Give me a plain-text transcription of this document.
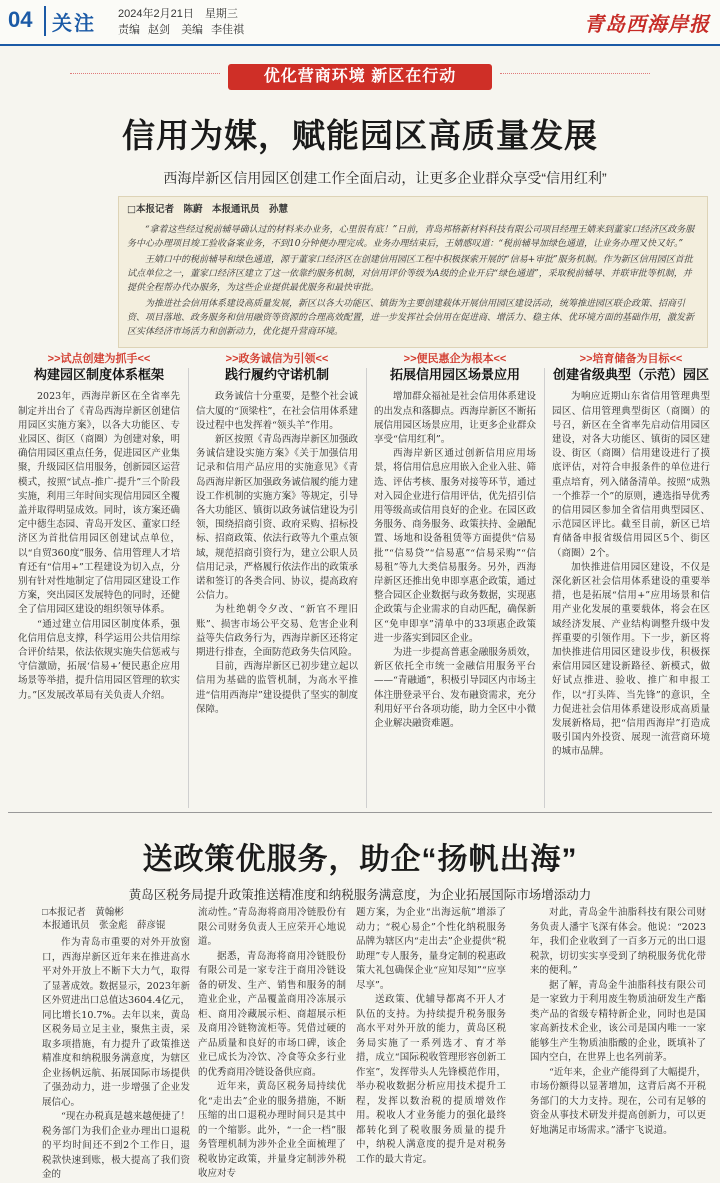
04 关注 2024年2月21日 星期三
责编 赵剑 美编 李佳祺	青岛西海岸报
优化营商环境 新区在行动
信用为媒，赋能园区高质量发展
西海岸新区信用园区创建工作全面启动，让更多企业群众享受“信用红利”

□本报记者　陈蔚　本报通讯员　孙慧

“拿着这些经过税前辅导确认过的材料来办业务，心里很有底！”日前，青岛邦格新材料科技有限公司项目经理王婧来到董家口经济区政务服务中心办理项目竣工验收备案业务，不到10分钟便办理完成。业务办理结束后，王婧感叹道：“税前辅导加绿色通道，让业务办理又快又好。”

王婧口中的税前辅导和绿色通道，源于董家口经济区在创建信用园区工程中积极探索开展的“信易+审批”服务机制。作为新区信用园区首批试点单位之一，董家口经济区建立了这一依靠约服务机制，对信用评价等级为A级的企业开启“绿色通道”，采取税前辅导、并联审批等机制，并提供全程帮办代办服务，为这些企业提供最优服务和最快审批。

为推进社会信用体系建设高质量发展，新区以各大功能区、镇街为主要创建载体开展信用园区建设活动，统筹推进园区联企政策、招商引资、项目落地、政务服务和信用融资等资源的合理高效配置，进一步发挥社会信用在促进商、增活力、稳主体、优环境方面的基础作用，激发新区实体经济市场活力和创新动力，优化提升营商环境。

>>试点创建为抓手<<
构建园区制度体系框架

2023年，西海岸新区在全省率先制定并出台了《青岛西海岸新区创建信用园区实施方案》，以各大功能区、专业园区、街区（商圈）为创建对象，明确信用园区重点任务，促进园区产业集聚，升级园区信用服务，创新园区运营模式，按照“试点-推广-提升”三个阶段实施，利用三年时间实现信用园区全覆盖并取得明显成效。同时，该方案还确定中德生态园、青岛开发区、董家口经济区为首批信用园区创建试点单位，以“自贸360度”服务、信用管理人才培育还有“信用+”工程建设为切入点，分别有针对性地制定了信用园区建设工作方案，突出园区发展特色的同时，还健全了信用园区建设的组织领导体系。

“通过建立信用园区制度体系，强化信用信息支撑，科学运用公共信用综合评价结果，依法依规实施失信惩戒与守信激励，拓展‘信易+’便民惠企应用场景等举措，提升信用园区管理的软实力。”区发展改革局有关负责人介绍。

>>政务诚信为引领<<
践行履约守诺机制

政务诚信十分重要，是整个社会诚信大厦的“顶梁柱”，在社会信用体系建设过程中也发挥着“领头羊”作用。

新区按照《青岛西海岸新区加强政务诚信建设实施方案》《关于加强信用记录和信用产品应用的实施意见》《青岛西海岸新区加强政务诚信履约能力建设工作机制的实施方案》等规定，引导各大功能区、镇街以政务诚信建设为引领，围绕招商引资、政府采购、招标投标、招商政策、依法行政等九个重点领域，规范招商引资行为，建立公职人员信用记录，严格履行依法作出的政策承诺和签订的各类合同、协议，提高政府公信力。

为杜绝朝令夕改、“新官不理旧账”、损害市场公平交易、危害企业利益等失信政务行为，西海岸新区还将定期进行排查，全面防范政务失信风险。

目前，西海岸新区已初步建立起以信用为基础的监管机制，为高水平推进“信用西海岸”建设提供了坚实的制度保障。

>>便民惠企为根本<<
拓展信用园区场景应用

增加群众福祉是社会信用体系建设的出发点和落脚点。西海岸新区不断拓展信用园区场景应用，让更多企业群众享受“信用红利”。

西海岸新区通过创新信用应用场景，将信用信息应用嵌入企业入驻、筛选、评估考核、服务对接等环节，通过对入园企业进行信用评估，优先招引信用等级高或信用良好的企业。在园区政务服务、商务服务、政策扶持、金融配置、场地和设备租赁等方面提供“信易批”“信易贷”“信易惠”“信易采购”“信易租”等九大类信易服务。另外，西海岸新区还推出免申即享惠企政策，通过整合园区企业数据与政务数据，实现惠企政策与企业需求的自动匹配，确保新区“免申即享”清单中的33项惠企政策进一步落实到园区企业。

为进一步提高普惠金融服务质效，新区依托全市统一金融信用服务平台——“青融通”，积极引导园区内市场主体注册登录平台、发布融资需求，充分利用好平台各项功能，助力全区中小微企业解决融资难题。

>>培育储备为目标<<
创建省级典型（示范）园区

为响应近期山东省信用管理典型园区、信用管理典型街区（商圈）的号召，新区在全省率先启动信用园区建设，对各大功能区、镇街的园区建设、街区（商圈）信用建设进行了摸底评估，对符合申报条件的单位进行重点培育，列入储备清单。按照“成熟一个推荐一个”的原则，遴选指导优秀的信用园区参加全省信用典型园区、示范园区评比。截至目前，新区已培育储备申报省级信用园区5个、街区（商圈）2个。

加快推进信用园区建设，不仅是深化新区社会信用体系建设的重要举措，也是拓展“信用+”应用场景和信用产业化发展的重要载体，将会在区域经济发展、产业结构调整升级中发挥重要的引领作用。下一步，新区将加快推进信用园区建设步伐，积极探索信用园区建设新路径、新模式，做好试点推进、验收、推广和申报工作，以“打头阵、当先锋”的意识，全力促进社会信用体系建设形成高质量发展新格局，把“信用西海岸”打造成吸引国内外投资、展现一流营商环境的城市品牌。

送政策优服务，助企“扬帆出海”
黄岛区税务局提升政策推送精准度和纳税服务满意度，为企业拓展国际市场增添动力
□本报记者　黄翰彬
本报通讯员　张金彪　薛彦锟

作为青岛市重要的对外开放窗口，西海岸新区近年来在推进高水平对外开放上不断下大力气，取得了显著成效。数据显示，2023年新区外贸进出口总值达3604.4亿元，同比增长10.7%。去年以来，黄岛区税务局立足主业，聚焦主责，采取多项措施，有力提升了政策推送精准度和纳税服务满意度，为辖区企业扬帆远航、拓展国际市场提供了强劲动力，进一步增强了企业发展信心。

“现在办税真是越来越便捷了！税务部门为我们企业办理出口退税的平均时间还不到2个工作日，退税款快速到账，极大提高了我们资金的

流动性。”青岛海将商用冷链股份有限公司财务负责人王应荣开心地说道。

据悉，青岛海将商用冷链股份有限公司是一家专注于商用冷链设备的研发、生产、销售和服务的制造业企业，产品覆盖商用冷冻展示柜、商用冷藏展示柜、商超展示柜及商用冷链物流柜等。凭借过硬的产品质量和良好的市场口碑，该企业已成长为冷饮、冷食等众多行业的优秀商用冷链设备供应商。

近年来，黄岛区税务局持续优化“走出去”企业的服务措施，不断压缩的出口退税办理时间只是其中的一个缩影。此外，“一企一档”服务管理机制为涉外企业全面梳理了税收协定政策，并量身定制涉外税收应对专

题方案，为企业“出海远航”增添了动力；“税心易企”个性化纳税服务品牌为辖区内“走出去”企业提供“税助理”专人服务，量身定制的税惠政策大礼包确保企业“应知尽知”“应享尽享”。

送政策、优辅导都离不开人才队伍的支持。为持续提升税务服务高水平对外开放的能力，黄岛区税务局实施了一系列选才、育才举措，成立“国际税收管理形容创新工作室”，发挥带头人先锋模范作用，举办税收数据分析应用技术提升工程，发挥以数治税的提质增效作用。税收人才业务能力的强化最终都转化到了税收服务质量的提升中，纳税人满意度的提升是对税务工作的最大肯定。

对此，青岛金牛油脂科技有限公司财务负责人潘宇飞深有体会。他说：“2023年，我们企业收到了一百多万元的出口退税款，切切实实享受到了纳税服务优化带来的便利。”

据了解，青岛金牛油脂科技有限公司是一家致力于利用废生物质油研发生产酯类产品的省级专精特新企业，同时也是国家高新技术企业，该公司是国内唯一一家能够生产生物质油脂酸的企业，既填补了国内空白，在世界上也名列前茅。

“近年来，企业产能得到了大幅提升，市场份额得以显著增加，这背后离不开税务部门的大力支持。现在，公司有足够的资金从事技术研发并提高创新力，可以更好地满足市场需求。”潘宇飞说道。
